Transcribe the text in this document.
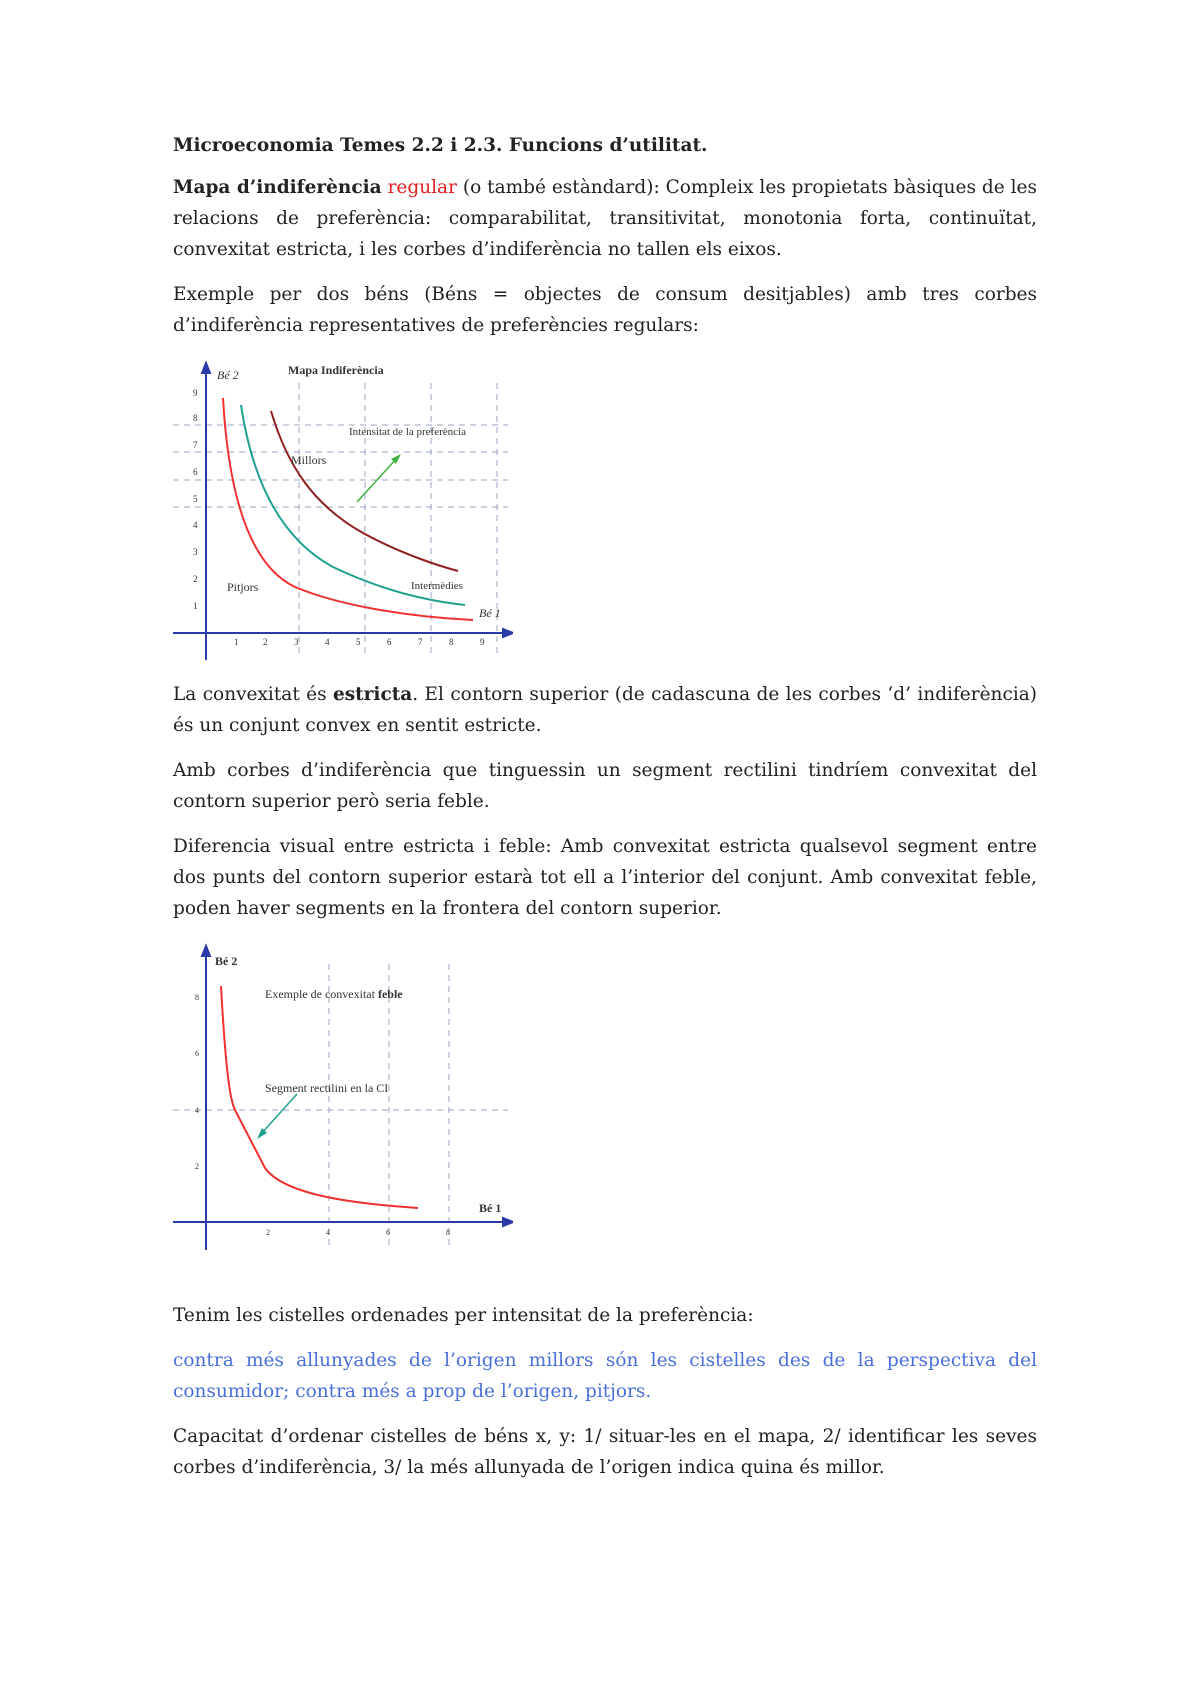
Microeconomia Temes 2.2 i 2.3. Funcions d’utilitat.

Mapa d’indiferència regular (o també estàndard): Compleix les propietats bàsiques de les relacions de preferència: comparabilitat, transitivitat, monotonia forta, continuïtat, convexitat estricta, i les corbes d’indiferència no tallen els eixos.

Exemple per dos béns (Béns = objectes de consum desitjables) amb tres corbes d’indiferència representatives de preferències regulars:

Mapa Indiferència
Bé 2
Bé 1
Intensitat de la preferència
Millors
Intermèdies
Pitjors
1	2	3	4	5	6	7	8	9
1
2
3
4
5
6
7
8
9

La convexitat és estricta. El contorn superior (de cadascuna de les corbes ‘d’ indiferència) és un conjunt convex en sentit estricte.

Amb corbes d’indiferència que tinguessin un segment rectilini tindríem convexitat del contorn superior però seria feble.

Diferencia visual entre estricta i feble: Amb convexitat estricta qualsevol segment entre dos punts del contorn superior estarà tot ell a l’interior del conjunt. Amb convexitat feble, poden haver segments en la frontera del contorn superior.

Bé 2
Bé 1
Exemple de convexitat feble
Segment rectilini en la CI
2	4	6	8
2
4
6
8

Tenim les cistelles ordenades per intensitat de la preferència:

contra més allunyades de l’origen millors són les cistelles des de la perspectiva del consumidor; contra més a prop de l’origen, pitjors.

Capacitat d’ordenar cistelles de béns x, y: 1/ situar-les en el mapa, 2/ identificar les seves corbes d’indiferència, 3/ la més allunyada de l’origen indica quina és millor.
